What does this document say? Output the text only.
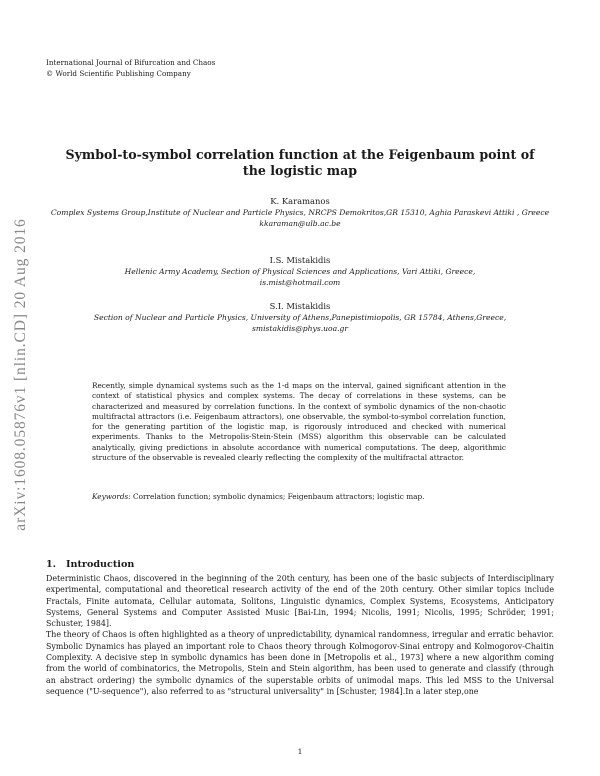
International Journal of Bifurcation and Chaos
© World Scientific Publishing Company
arXiv:1608.05876v1 [nlin.CD] 20 Aug 2016
Symbol-to-symbol correlation function at the Feigenbaum point of the logistic map
K. Karamanos
Complex Systems Group,Institute of Nuclear and Particle Physics, NRCPS Demokritos,GR 15310, Aghia Paraskevi Attiki , Greece
kkaraman@ulb.ac.be
I.S. Mistakidis
Hellenic Army Academy, Section of Physical Sciences and Applications, Vari Attiki, Greece,
is.mist@hotmail.com
S.I. Mistakidis
Section of Nuclear and Particle Physics, University of Athens,Panepistimiopolis, GR 15784, Athens,Greece,
smistakidis@phys.uoa.gr
Recently, simple dynamical systems such as the 1-d maps on the interval, gained significant attention in the context of statistical physics and complex systems. The decay of correlations in these systems, can be characterized and measured by correlation functions. In the context of symbolic dynamics of the non-chaotic multifractal attractors (i.e. Feigenbaum attractors), one observable, the symbol-to-symbol correlation function, for the generating partition of the logistic map, is rigorously introduced and checked with numerical experiments. Thanks to the Metropolis-Stein-Stein (MSS) algorithm this observable can be calculated analytically, giving predictions in absolute accordance with numerical computations. The deep, algorithmic structure of the observable is revealed clearly reflecting the complexity of the multifractal attractor.
Keywords: Correlation function; symbolic dynamics; Feigenbaum attractors; logistic map.
1. Introduction

Deterministic Chaos, discovered in the beginning of the 20th century, has been one of the basic subjects of Interdisciplinary experimental, computational and theoretical research activity of the end of the 20th century. Other similar topics include Fractals, Finite automata, Cellular automata, Solitons, Linguistic dynamics, Complex Systems, Ecosystems, Anticipatory Systems, General Systems and Computer Assisted Music [Bai-Lin, 1994; Nicolis, 1991; Nicolis, 1995; Schröder, 1991; Schuster, 1984].

The theory of Chaos is often highlighted as a theory of unpredictability, dynamical randomness, irregular and erratic behavior. Symbolic Dynamics has played an important role to Chaos theory through Kolmogorov-Sinai entropy and Kolmogorov-Chaitin Complexity. A decisive step in symbolic dynamics has been done in [Metropolis et al., 1973] where a new algorithm coming from the world of combinatorics, the Metropolis, Stein and Stein algorithm, has been used to generate and classify (through an abstract ordering) the symbolic dynamics of the superstable orbits of unimodal maps. This led MSS to the Universal sequence ("U-sequence"), also referred to as "structural universality" in [Schuster, 1984].In a later step,one

1
